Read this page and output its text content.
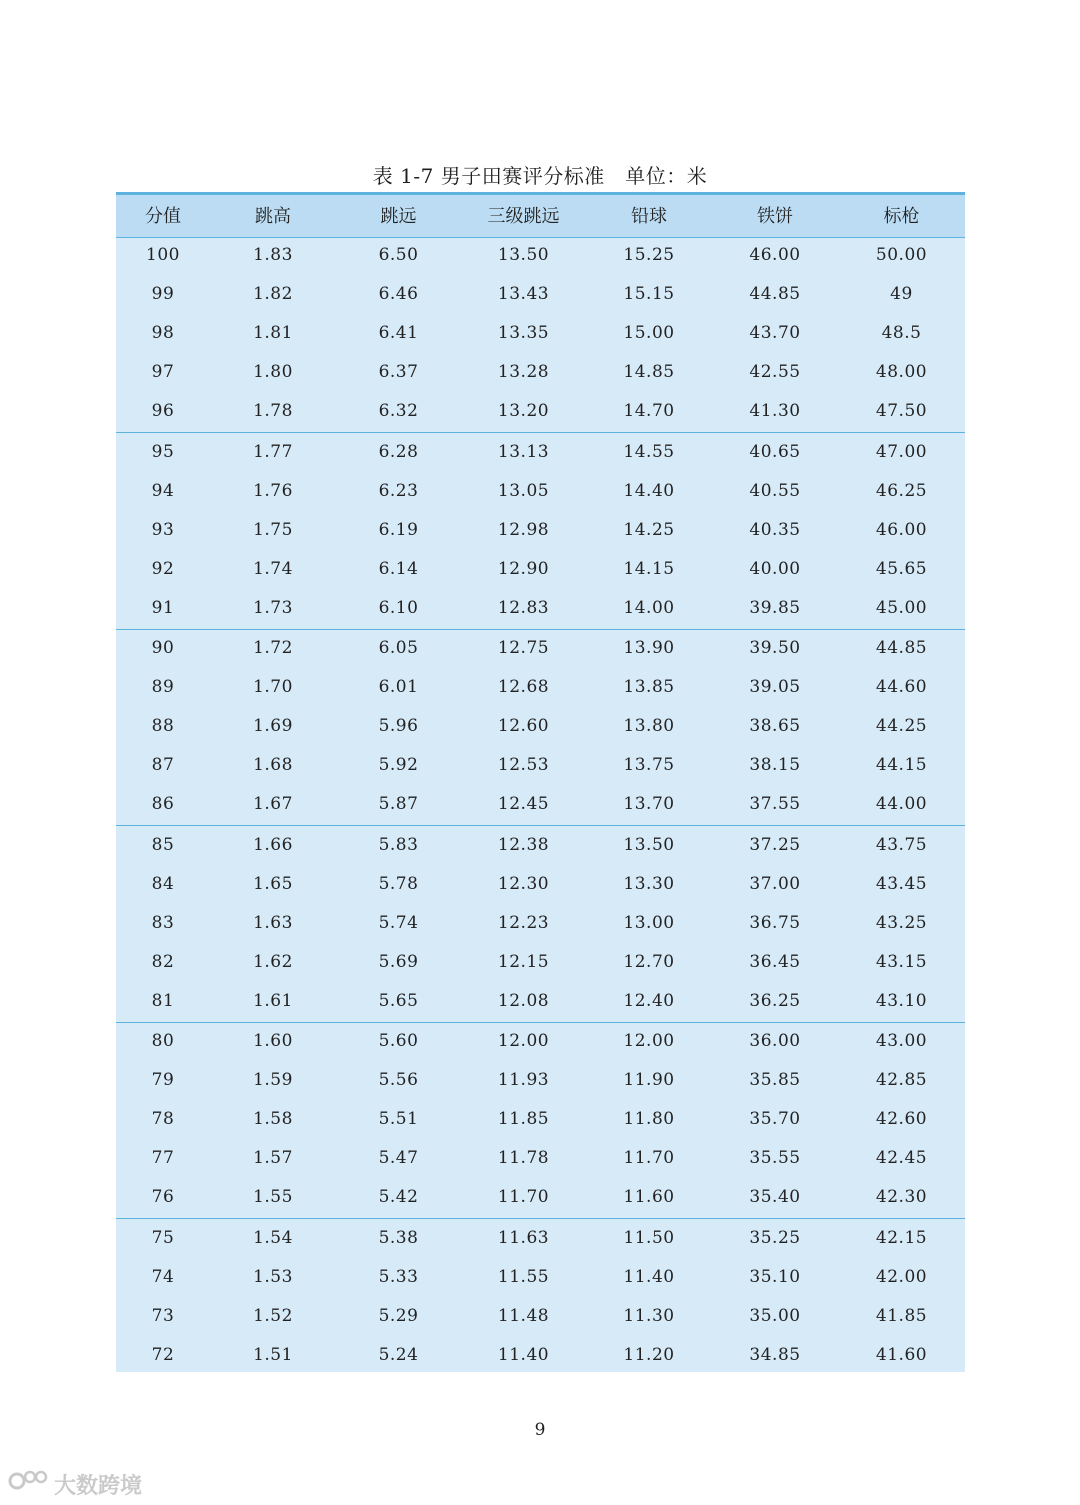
表 1-7 男子田赛评分标准　单位：米
分值	跳高	跳远	三级跳远	铅球	铁饼	标枪
100	1.83	6.50	13.50	15.25	46.00	50.00
99	1.82	6.46	13.43	15.15	44.85	49
98	1.81	6.41	13.35	15.00	43.70	48.5
97	1.80	6.37	13.28	14.85	42.55	48.00
96	1.78	6.32	13.20	14.70	41.30	47.50
95	1.77	6.28	13.13	14.55	40.65	47.00
94	1.76	6.23	13.05	14.40	40.55	46.25
93	1.75	6.19	12.98	14.25	40.35	46.00
92	1.74	6.14	12.90	14.15	40.00	45.65
91	1.73	6.10	12.83	14.00	39.85	45.00
90	1.72	6.05	12.75	13.90	39.50	44.85
89	1.70	6.01	12.68	13.85	39.05	44.60
88	1.69	5.96	12.60	13.80	38.65	44.25
87	1.68	5.92	12.53	13.75	38.15	44.15
86	1.67	5.87	12.45	13.70	37.55	44.00
85	1.66	5.83	12.38	13.50	37.25	43.75
84	1.65	5.78	12.30	13.30	37.00	43.45
83	1.63	5.74	12.23	13.00	36.75	43.25
82	1.62	5.69	12.15	12.70	36.45	43.15
81	1.61	5.65	12.08	12.40	36.25	43.10
80	1.60	5.60	12.00	12.00	36.00	43.00
79	1.59	5.56	11.93	11.90	35.85	42.85
78	1.58	5.51	11.85	11.80	35.70	42.60
77	1.57	5.47	11.78	11.70	35.55	42.45
76	1.55	5.42	11.70	11.60	35.40	42.30
75	1.54	5.38	11.63	11.50	35.25	42.15
74	1.53	5.33	11.55	11.40	35.10	42.00
73	1.52	5.29	11.48	11.30	35.00	41.85
72	1.51	5.24	11.40	11.20	34.85	41.60
9
大数跨境
